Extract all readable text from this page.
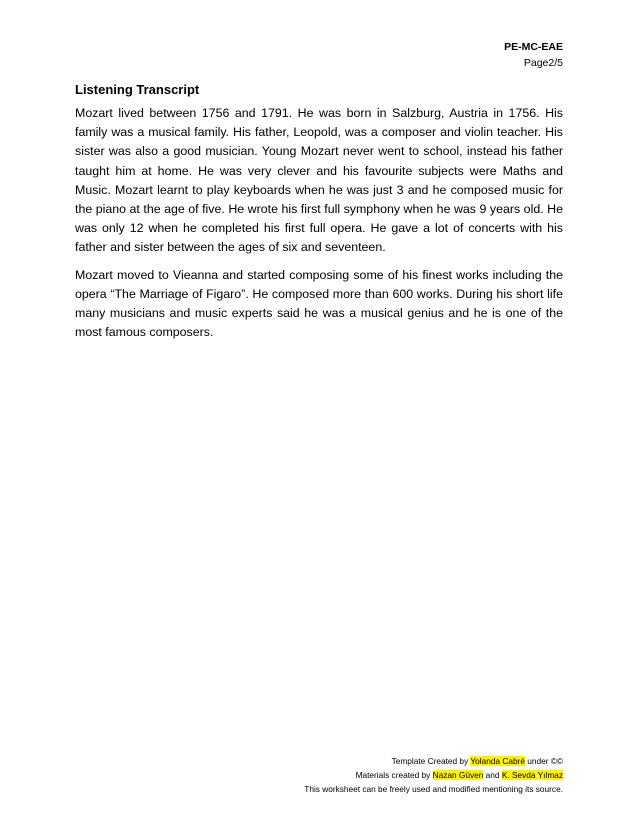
PE-MC-EAE
Page2/5
Listening Transcript

Mozart lived between 1756 and 1791. He was born in Salzburg, Austria in 1756. His family was a musical family. His father, Leopold, was a composer and violin teacher. His sister was also a good musician. Young Mozart never went to school, instead his father taught him at home. He was very clever and his favourite subjects were Maths and Music. Mozart learnt to play keyboards when he was just 3 and he composed music for the piano at the age of five. He wrote his first full symphony when he was 9 years old. He was only 12 when he completed his first full opera. He gave a lot of concerts with his father and sister between the ages of six and seventeen.

Mozart moved to Vieanna and started composing some of his finest works including the opera “The Marriage of Figaro”. He composed more than 600 works. During his short life many musicians and music experts said he was a musical genius and he is one of the most famous composers.

Template Created by Yolanda Cabré under ©©
Materials created by Nazan Güven and K. Sevda Yılmaz
This worksheet can be freely used and modified mentioning its source.
